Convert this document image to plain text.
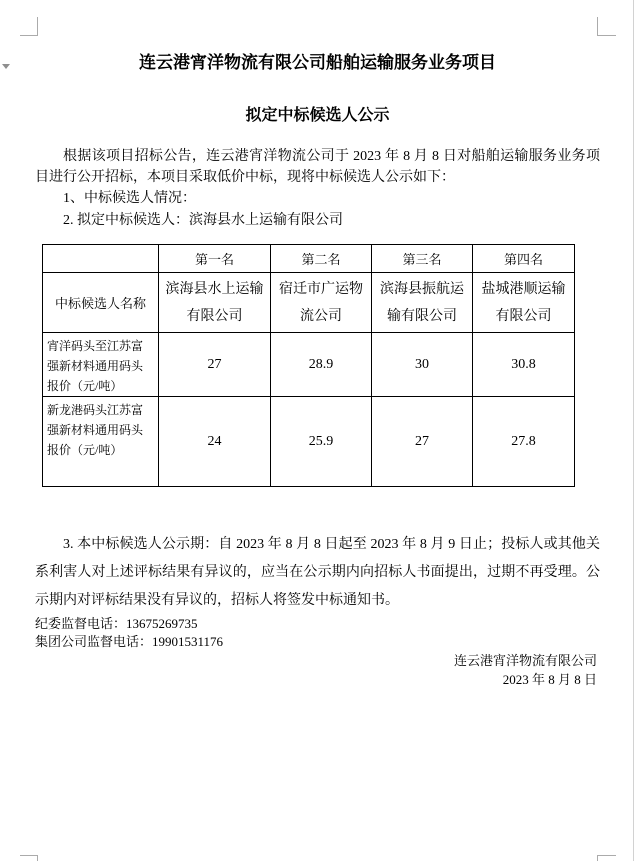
连云港宵洋物流有限公司船舶运输服务业务项目
拟定中标候选人公示
根据该项目招标公告，连云港宵洋物流公司于 2023 年 8 月 8 日对船舶运输服务业务项目进行公开招标，本项目采取低价中标，现将中标候选人公示如下：
1、中标候选人情况：
2. 拟定中标候选人：滨海县水上运输有限公司
	第一名	第二名	第三名	第四名
中标候选人名称	滨海县水上运输有限公司	宿迁市广运物流公司	滨海县振航运输有限公司	盐城港顺运输有限公司
宵洋码头至江苏富强新材料通用码头报价（元/吨）	27	28.9	30	30.8
新龙港码头江苏富强新材料通用码头报价（元/吨）	24	25.9	27	27.8
3. 本中标候选人公示期：自 2023 年 8 月 8 日起至 2023 年 8 月 9 日止；投标人或其他关系利害人对上述评标结果有异议的，应当在公示期内向招标人书面提出，过期不再受理。公示期内对评标结果没有异议的，招标人将签发中标通知书。
纪委监督电话：13675269735
集团公司监督电话：19901531176
连云港宵洋物流有限公司
2023 年 8 月 8 日
